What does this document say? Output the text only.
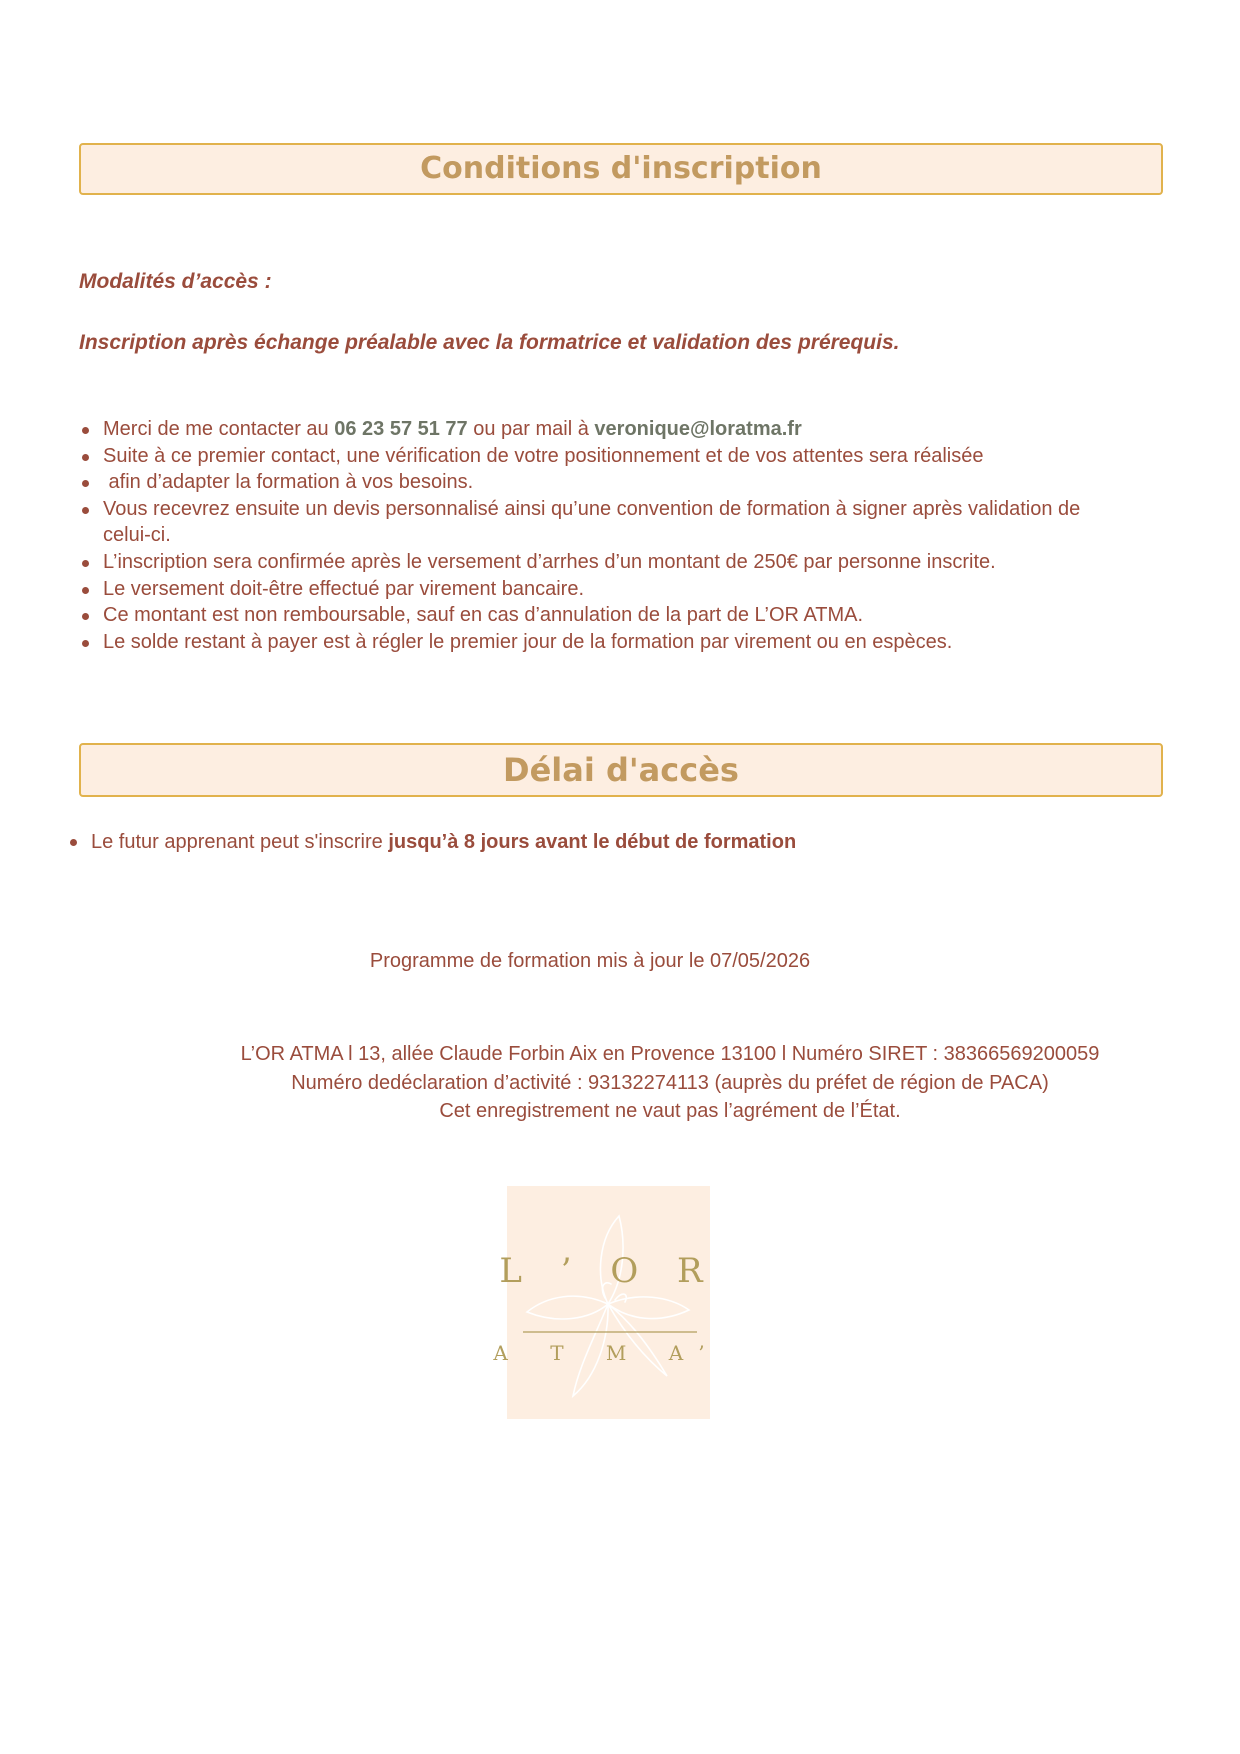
Conditions d'inscription

Modalités d’accès :

Inscription après échange préalable avec la formatrice et validation des prérequis.

Merci de me contacter au 06 23 57 51 77 ou par mail à veronique@loratma.fr
Suite à ce premier contact, une vérification de votre positionnement et de vos attentes sera réalisée
afin d’adapter la formation à vos besoins.
Vous recevrez ensuite un devis personnalisé ainsi qu’une convention de formation à signer après validation de celui-ci.
L’inscription sera confirmée après le versement d’arrhes d’un montant de 250€ par personne inscrite.
Le versement doit-être effectué par virement bancaire.
Ce montant est non remboursable, sauf en cas d’annulation de la part de L’OR ATMA.
Le solde restant à payer est à régler le premier jour de la formation par virement ou en espèces.
Délai d'accès
Le futur apprenant peut s'inscrire jusqu’à 8 jours avant le début de formation
Programme de formation mis à jour le 07/05/2026
L’OR ATMA l 13, allée Claude Forbin Aix en Provence 13100 l Numéro SIRET : 38366569200059
Numéro dedéclaration d’activité : 93132274113 (auprès du préfet de région de PACA)
Cet enregistrement ne vaut pas l’agrément de l’État.
L ’ O R
A T M A’
